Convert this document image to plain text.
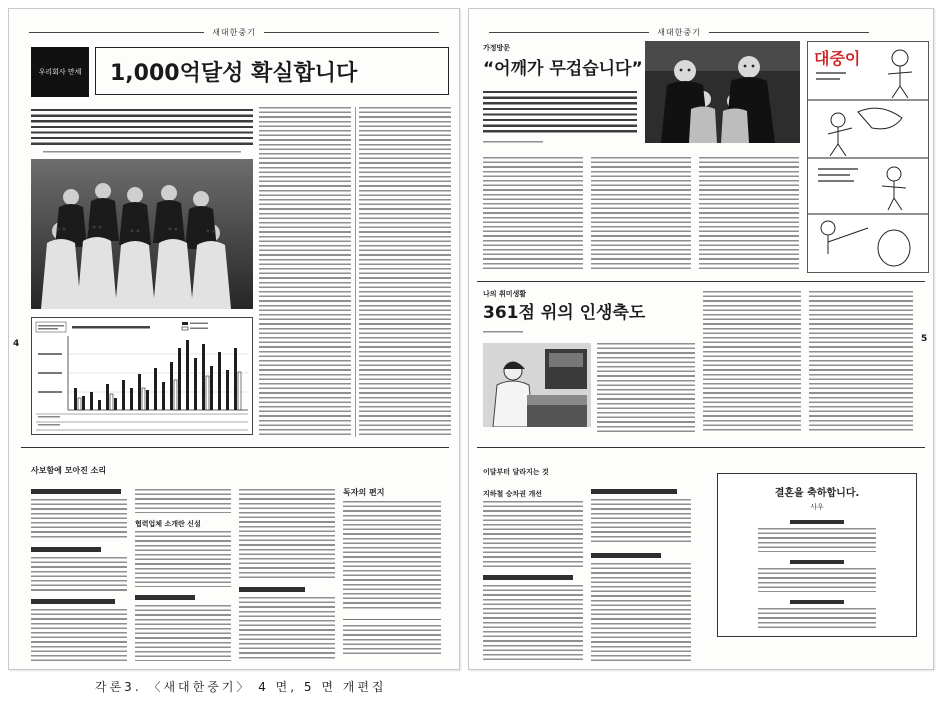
새대한중기
우리회사 만세 1,000억달성 확실합니다
4
사보함에 모아진 소리
협력업체 소개란 신설
독자의 편지
새대한중기
가정방문
“어깨가 무겁습니다”
대중이
나의 취미생활
361점 위의 인생축도
5
이달부터 달라지는 것
지하철 승차권 개선	결혼을 축하합니다.
사우
각론3. 〈새대한중기〉 4 면, 5 면 개편집
